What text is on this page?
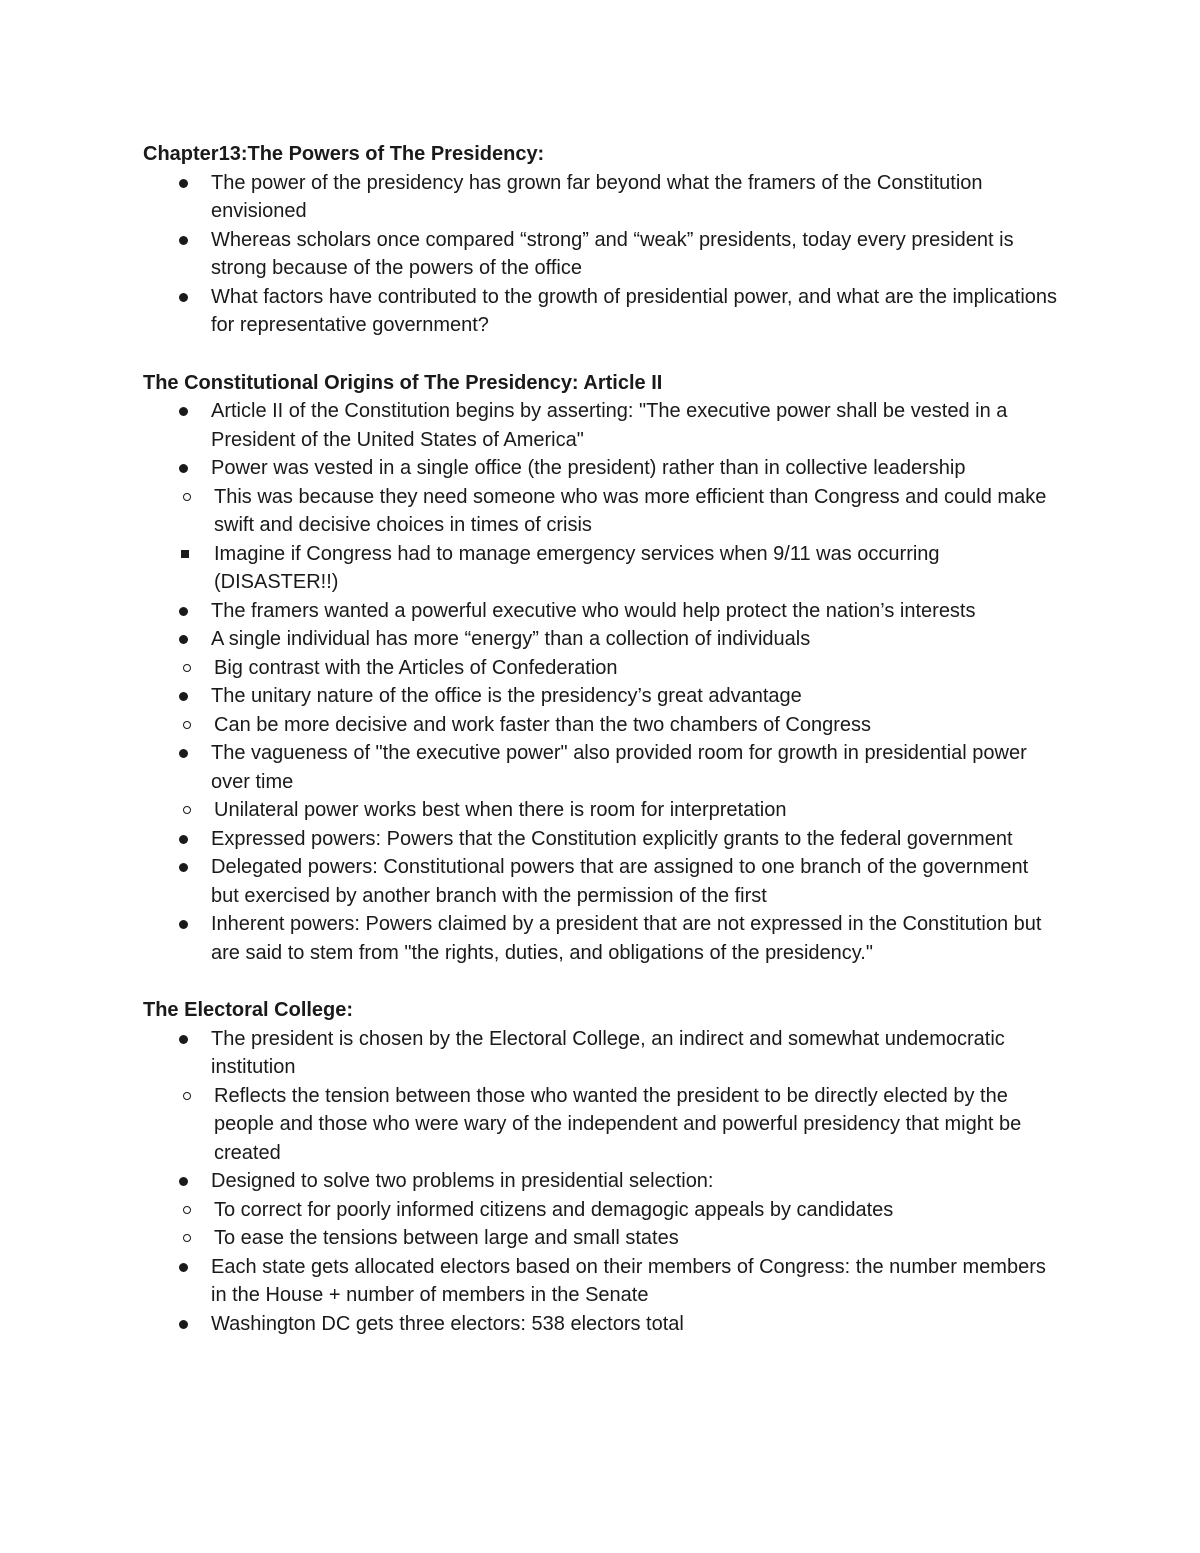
Chapter13:The Powers of The Presidency:
The power of the presidency has grown far beyond what the framers of the Constitution envisioned
Whereas scholars once compared “strong” and “weak” presidents, today every president is strong because of the powers of the office
What factors have contributed to the growth of presidential power, and what are the implications for representative government?
The Constitutional Origins of The Presidency: Article II
Article II of the Constitution begins by asserting: "The executive power shall be vested in a President of the United States of America"
Power was vested in a single office (the president) rather than in collective leadership
This was because they need someone who was more efficient than Congress and could make swift and decisive choices in times of crisis
Imagine if Congress had to manage emergency services when 9/11 was occurring (DISASTER!!)
The framers wanted a powerful executive who would help protect the nation’s interests
A single individual has more “energy” than a collection of individuals
Big contrast with the Articles of Confederation
The unitary nature of the office is the presidency’s great advantage
Can be more decisive and work faster than the two chambers of Congress
The vagueness of "the executive power" also provided room for growth in presidential power over time
Unilateral power works best when there is room for interpretation
Expressed powers: Powers that the Constitution explicitly grants to the federal government
Delegated powers: Constitutional powers that are assigned to one branch of the government but exercised by another branch with the permission of the first
Inherent powers: Powers claimed by a president that are not expressed in the Constitution but are said to stem from "the rights, duties, and obligations of the presidency."
The Electoral College:
The president is chosen by the Electoral College, an indirect and somewhat undemocratic institution
Reflects the tension between those who wanted the president to be directly elected by the people and those who were wary of the independent and powerful presidency that might be created
Designed to solve two problems in presidential selection:
To correct for poorly informed citizens and demagogic appeals by candidates
To ease the tensions between large and small states
Each state gets allocated electors based on their members of Congress: the number members in the House + number of members in the Senate
Washington DC gets three electors: 538 electors total
